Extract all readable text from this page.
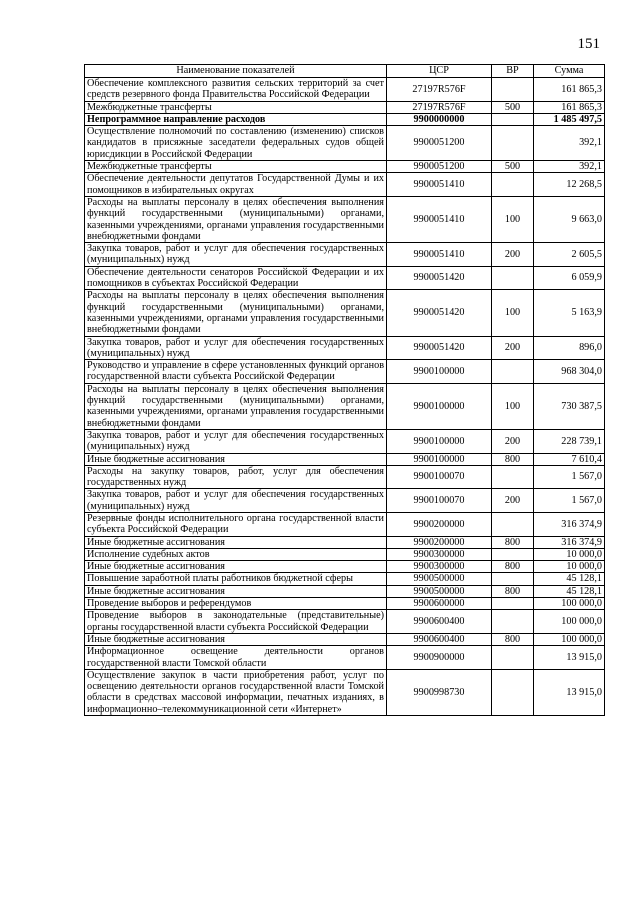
151
Наименование показателей	ЦСР	ВР	Сумма
Обеспечение комплексного развития сельских территорий за счет средств резервного фонда Правительства Российской Федерации	27197R576F		161 865,3
Межбюджетные трансферты	27197R576F	500	161 865,3
Непрограммное направление расходов	9900000000		1 485 497,5
Осуществление полномочий по составлению (изменению) списков кандидатов в присяжные заседатели федеральных судов общей юрисдикции в Российской Федерации	9900051200		392,1
Межбюджетные трансферты	9900051200	500	392,1
Обеспечение деятельности депутатов Государственной Думы и их помощников в избирательных округах	9900051410		12 268,5
Расходы на выплаты персоналу в целях обеспечения выполнения функций государственными (муниципальными) органами, казенными учреждениями, органами управления государственными внебюджетными фондами	9900051410	100	9 663,0
Закупка товаров, работ и услуг для обеспечения государственных (муниципальных) нужд	9900051410	200	2 605,5
Обеспечение деятельности сенаторов Российской Федерации и их помощников в субъектах Российской Федерации	9900051420		6 059,9
Расходы на выплаты персоналу в целях обеспечения выполнения функций государственными (муниципальными) органами, казенными учреждениями, органами управления государственными внебюджетными фондами	9900051420	100	5 163,9
Закупка товаров, работ и услуг для обеспечения государственных (муниципальных) нужд	9900051420	200	896,0
Руководство и управление в сфере установленных функций органов государственной власти субъекта Российской Федерации	9900100000		968 304,0
Расходы на выплаты персоналу в целях обеспечения выполнения функций государственными (муниципальными) органами, казенными учреждениями, органами управления государственными внебюджетными фондами	9900100000	100	730 387,5
Закупка товаров, работ и услуг для обеспечения государственных (муниципальных) нужд	9900100000	200	228 739,1
Иные бюджетные ассигнования	9900100000	800	7 610,4
Расходы на закупку товаров, работ, услуг для обеспечения государственных нужд	9900100070		1 567,0
Закупка товаров, работ и услуг для обеспечения государственных (муниципальных) нужд	9900100070	200	1 567,0
Резервные фонды исполнительного органа государственной власти субъекта Российской Федерации	9900200000		316 374,9
Иные бюджетные ассигнования	9900200000	800	316 374,9
Исполнение судебных актов	9900300000		10 000,0
Иные бюджетные ассигнования	9900300000	800	10 000,0
Повышение заработной платы работников бюджетной сферы	9900500000		45 128,1
Иные бюджетные ассигнования	9900500000	800	45 128,1
Проведение выборов и референдумов	9900600000		100 000,0
Проведение выборов в законодательные (представительные) органы государственной власти субъекта Российской Федерации	9900600400		100 000,0
Иные бюджетные ассигнования	9900600400	800	100 000,0
Информационное освещение деятельности органов государственной власти Томской области	9900900000		13 915,0
Осуществление закупок в части приобретения работ, услуг по освещению деятельности органов государственной власти Томской области в средствах массовой информации, печатных изданиях, в информационно–телекоммуникационной сети «Интернет»	9900998730		13 915,0
